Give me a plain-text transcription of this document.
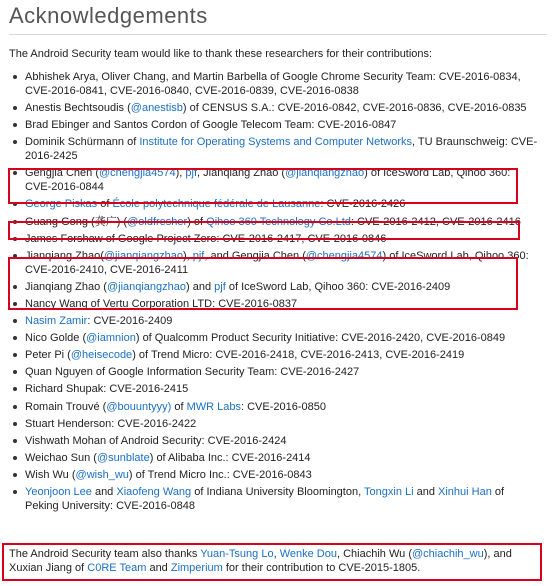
Acknowledgements

The Android Security team would like to thank these researchers for their contributions:

Abhishek Arya, Oliver Chang, and Martin Barbella of Google Chrome Security Team: CVE-2016-0834, CVE-2016-0841, CVE-2016-0840, CVE-2016-0839, CVE-2016-0838
Anestis Bechtsoudis (@anestisb) of CENSUS S.A.: CVE-2016-0842, CVE-2016-0836, CVE-2016-0835
Brad Ebinger and Santos Cordon of Google Telecom Team: CVE-2016-0847
Dominik Schürmann of Institute for Operating Systems and Computer Networks, TU Braunschweig: CVE-2016-2425
Gengjia Chen (@chengjia4574), pjf, Jianqiang Zhao (@jianqiangzhao) of IceSword Lab, Qihoo 360: CVE-2016-0844
George Piskas of École polytechnique fédérale de Lausanne: CVE-2016-2426
Guang Gong (龚广) (@oldfresher) of Qihoo 360 Technology Co.Ltd: CVE-2016-2412, CVE-2016-2416
James Forshaw of Google Project Zero: CVE-2016-2417, CVE-2016-0846
Jianqiang Zhao(@jianqiangzhao), pjf, and Gengjia Chen (@chengjia4574) of IceSword Lab, Qihoo 360: CVE-2016-2410, CVE-2016-2411
Jianqiang Zhao (@jianqiangzhao) and pjf of IceSword Lab, Qihoo 360: CVE-2016-2409
Nancy Wang of Vertu Corporation LTD: CVE-2016-0837
Nasim Zamir: CVE-2016-2409
Nico Golde (@iamnion) of Qualcomm Product Security Initiative: CVE-2016-2420, CVE-2016-0849
Peter Pi (@heisecode) of Trend Micro: CVE-2016-2418, CVE-2016-2413, CVE-2016-2419
Quan Nguyen of Google Information Security Team: CVE-2016-2427
Richard Shupak: CVE-2016-2415
Romain Trouvé (@bouuntyyy) of MWR Labs: CVE-2016-0850
Stuart Henderson: CVE-2016-2422
Vishwath Mohan of Android Security: CVE-2016-2424
Weichao Sun (@sunblate) of Alibaba Inc.: CVE-2016-2414
Wish Wu (@wish_wu) of Trend Micro Inc.: CVE-2016-0843
Yeonjoon Lee and Xiaofeng Wang of Indiana University Bloomington, Tongxin Li and Xinhui Han of Peking University: CVE-2016-0848

The Android Security team also thanks Yuan-Tsung Lo, Wenke Dou, Chiachih Wu (@chiachih_wu), and Xuxian Jiang of C0RE Team and Zimperium for their contribution to CVE-2015-1805.
